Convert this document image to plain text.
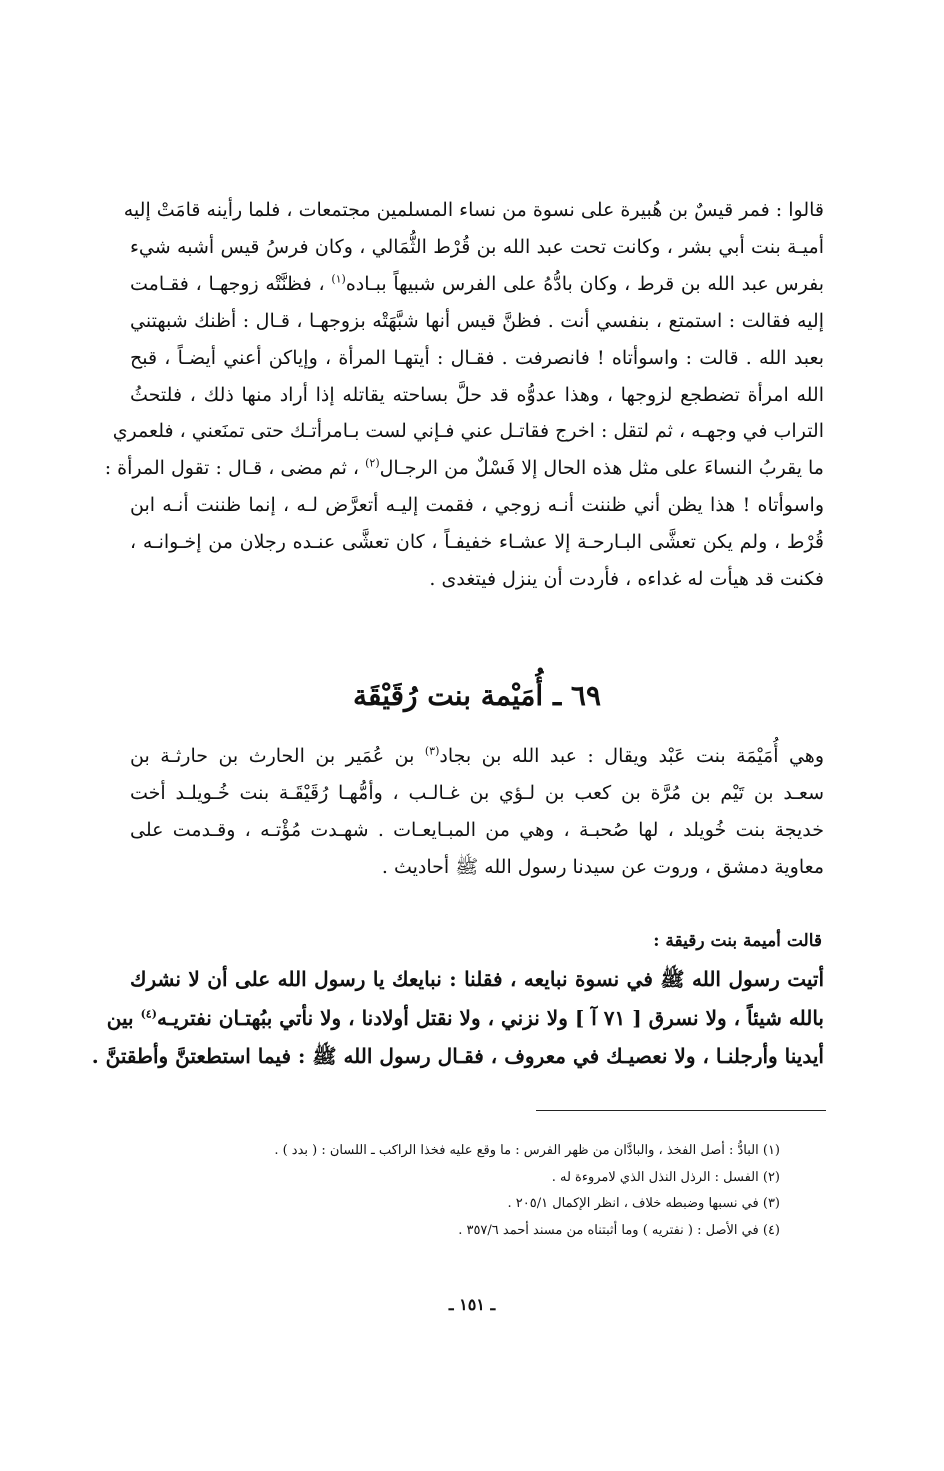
قالوا : فمر قيسٌ بن هُبيرة على نسوة من نساء المسلمين مجتمعات ، فلما رأينه قامَتْ إليه
أميـة بنت أبي بشر ، وكانت تحت عبد الله بن قُرْط الثُّمَالي ، وكان فرسُ قيس أشبه شيء
بفرس عبد الله بن قرط ، وكان بادُّهُ على الفرس شبيهاً ببـاده$^{(١)}$ ، فظنَّتْه زوجهـا ، فقـامت
إليه فقالت : استمتع ، بنفسي أنت . فظنَّ قيس أنها شبَّهَتْه بزوجهـا ، قـال : أظنك شبهتني
بعبد الله . قالت : واسوأتاه ! فانصرفت . فقـال : أيتهـا المرأة ، وإياكن أعني أيضـاً ، قبح
الله امرأة تضطجع لزوجها ، وهذا عدوُّه قد حلَّ بساحته يقاتله إذا أراد منها ذلك ، فلتحثُ
التراب في وجهـه ، ثم لتقل : اخرج فقاتـل عني فـإني لست بـامرأتـك حتى تمنَعني ، فلعمري
ما يقربُ النساءَ على مثل هذه الحال إلا فَسْلٌ من الرجـال$^{(٢)}$ ، ثم مضى ، قـال : تقول المرأة :
واسوأتاه ! هذا يظن أني ظننت أنـه زوجي ، فقمت إليـه أتعرَّض لـه ، إنما ظننت أنـه ابن
قُرْط ، ولم يكن تعشَّى البـارحـة إلا عشـاء خفيفـاً ، كان تعشَّى عنـده رجلان من إخـوانـه ،
فكنت قد هيأت له غداءه ، فأردت أن ينزل فيتغدى .
٦٩ ـ أُمَيْمة بنت رُقَيْقَة
وهي أُمَيْمَة بنت عَبْد ويقال : عبد الله بن بجاد$^{(٣)}$ بن عُمَير بن الحارث بن حارثـة بن
سعـد بن تَيْم بن مُرَّة بن كعب بن لـؤي بن غـالـب ، وأمُّهـا رُقَيْقَـة بنت خُـويلـد أخت
خديجة بنت خُويلد ، لها صُحبـة ، وهي من المبـايعـات . شهـدت مُؤْتـه ، وقـدمت على
معاوية دمشق ، وروت عن سيدنا رسول الله ﷺ أحاديث .
قالت أميمة بنت رقيقة :
أتيت رسول الله ﷺ في نسوة نبايعه ، فقلنا : نبايعك يا رسول الله على أن لا نشرك
بالله شيئاً ، ولا نسرق [ ٧١ آ ] ولا نزني ، ولا نقتل أولادنا ، ولا نأتي ببُهتـان نفتريـه$^{(٤)}$ بين
أيدينا وأرجلنـا ، ولا نعصيـك في معروف ، فقـال رسول الله ﷺ : فيما استطعتنَّ وأطقتنَّ .
(١) البادُّ : أصل الفخذ ، والبادَّان من ظهر الفرس : ما وقع عليه فخذا الراكب ـ اللسان : ( بدد ) .
(٢) الفسل : الرذل النذل الذي لامروءة له .
(٣) في نسبها وضبطه خلاف ، انظر الإكمال ٢٠٥/١ .
(٤) في الأصل : ( نفتريه ) وما أثبتناه من مسند أحمد ٣٥٧/٦ .
ـ ١٥١ ـ
